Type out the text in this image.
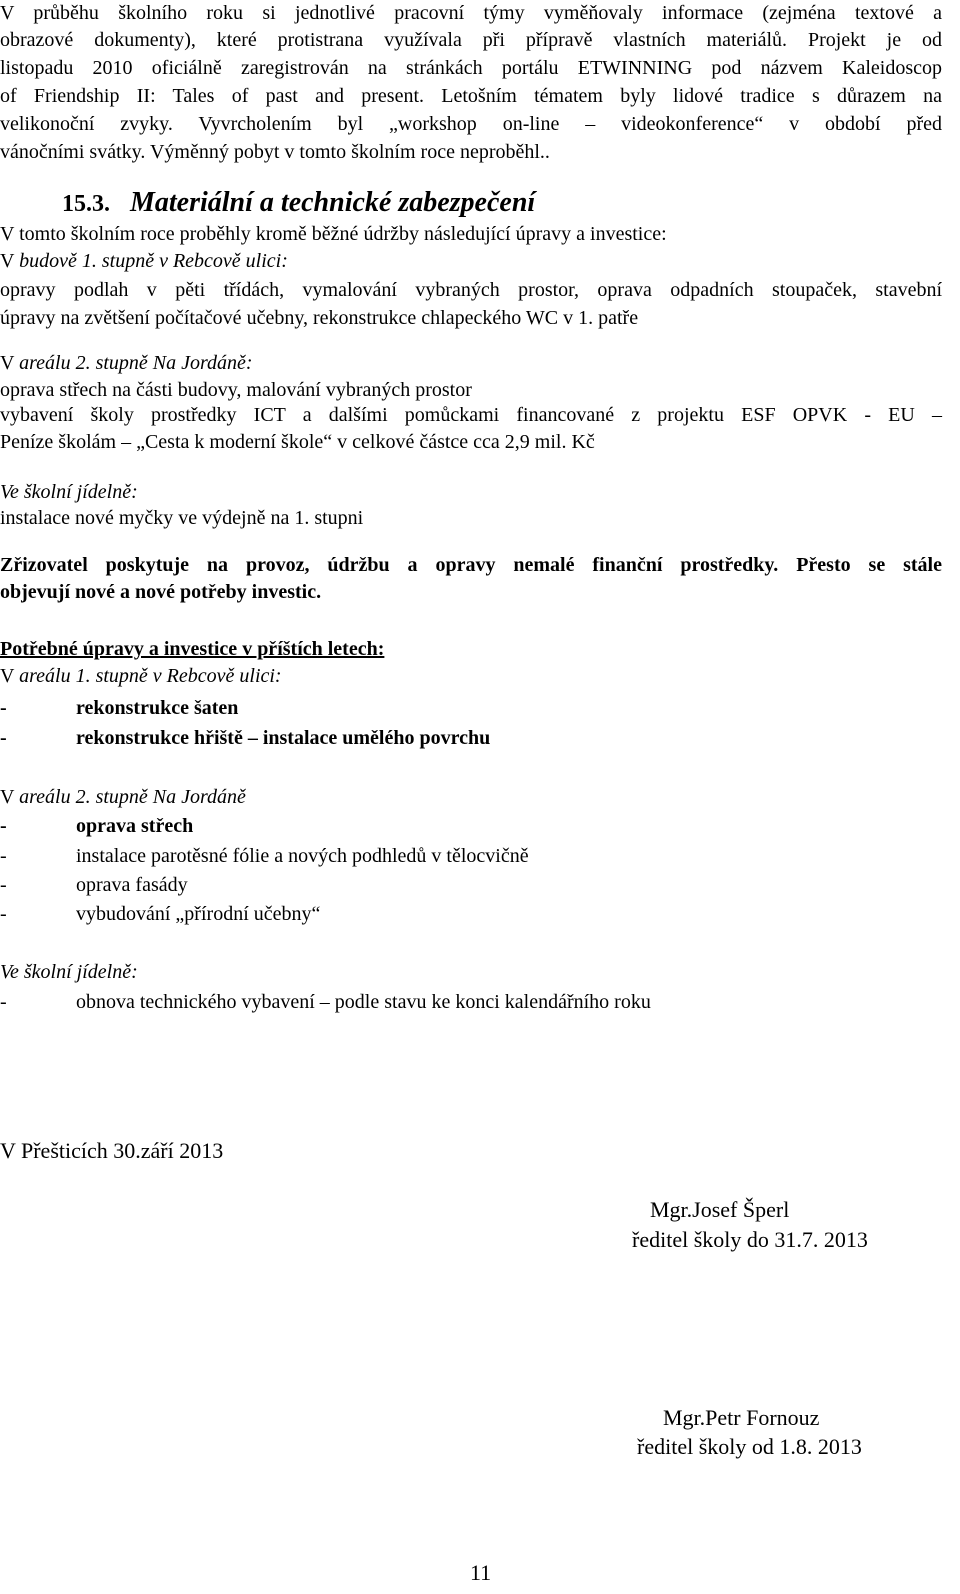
V průběhu školního roku si jednotlivé pracovní týmy vyměňovaly informace (zejména textové a
obrazové dokumenty), které protistrana využívala při přípravě vlastních materiálů. Projekt je od
listopadu 2010 oficiálně zaregistrován na stránkách portálu ETWINNING pod názvem Kaleidoscop
of Friendship II: Tales of past and present. Letošním tématem byly lidové tradice s důrazem na
velikonoční zvyky. Vyvrcholením byl „workshop on-line – videokonference“ v období před
vánočními svátky. Výměnný pobyt v tomto školním roce neproběhl..
15.3. Materiální a technické zabezpečení
V tomto školním roce proběhly kromě běžné údržby následující úpravy a investice:
V budově 1. stupně v Rebcově ulici:
opravy podlah v pěti třídách, vymalování vybraných prostor, oprava odpadních stoupaček, stavební
úpravy na zvětšení počítačové učebny, rekonstrukce chlapeckého WC v 1. patře
V areálu 2. stupně Na Jordáně:
oprava střech na části budovy, malování vybraných prostor
vybavení školy prostředky ICT a dalšími pomůckami financované z projektu ESF OPVK - EU –
Peníze školám – „Cesta k moderní škole“ v celkové částce cca 2,9 mil. Kč
Ve školní jídelně:
instalace nové myčky ve výdejně na 1. stupni
Zřizovatel poskytuje na provoz, údržbu a opravy nemalé finanční prostředky. Přesto se stále
objevují nové a nové potřeby investic.
Potřebné úpravy a investice v příštích letech:
V areálu 1. stupně v Rebcově ulici:
-	rekonstrukce šaten
-	rekonstrukce hřiště – instalace umělého povrchu
V areálu 2. stupně Na Jordáně
-	oprava střech
-	instalace parotěsné fólie a nových podhledů v tělocvičně
-	oprava fasády
-	vybudování „přírodní učebny“
Ve školní jídelně:
-	obnova technického vybavení – podle stavu ke konci kalendářního roku
V Přešticích 30.září 2013
Mgr.Josef Šperl
ředitel školy do 31.7. 2013
Mgr.Petr Fornouz
ředitel školy od 1.8. 2013
11
